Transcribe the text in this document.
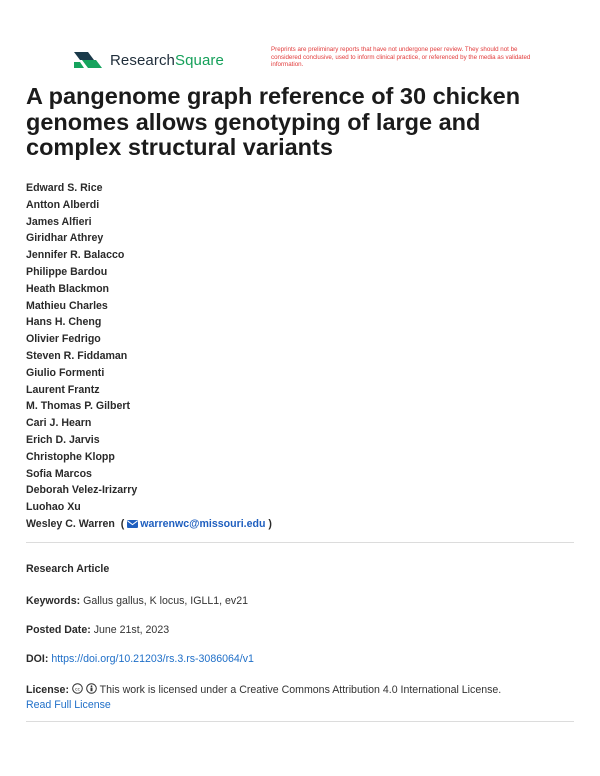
ResearchSquare
Preprints are preliminary reports that have not undergone peer review. They should not be considered conclusive, used to inform clinical practice, or referenced by the media as validated information.
A pangenome graph reference of 30 chicken genomes allows genotyping of large and complex structural variants
Edward S. Rice
Antton Alberdi
James Alfieri
Giridhar Athrey
Jennifer R. Balacco
Philippe Bardou
Heath Blackmon
Mathieu Charles
Hans H. Cheng
Olivier Fedrigo
Steven R. Fiddaman
Giulio Formenti
Laurent Frantz
M. Thomas P. Gilbert
Cari J. Hearn
Erich D. Jarvis
Christophe Klopp
Sofia Marcos
Deborah Velez-Irizarry
Luohao Xu
Wesley C. Warren ( warrenwc@missouri.edu )
Research Article
Keywords: Gallus gallus, K locus, IGLL1, ev21
Posted Date: June 21st, 2023
DOI: https://doi.org/10.21203/rs.3.rs-3086064/v1
License: cc This work is licensed under a Creative Commons Attribution 4.0 International License.
Read Full License
